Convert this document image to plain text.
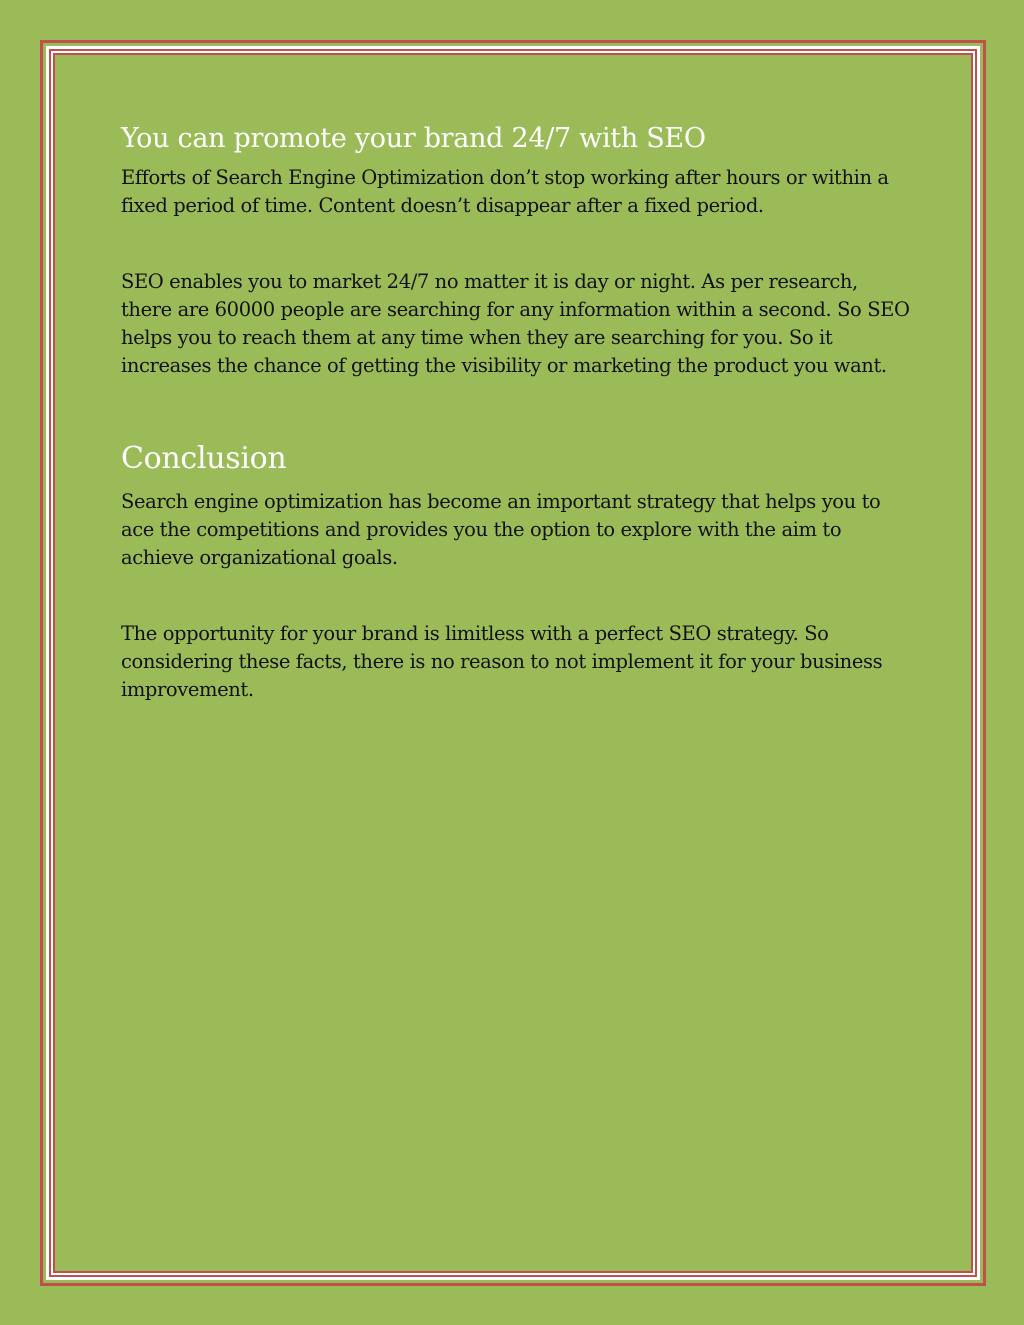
You can promote your brand 24/7 with SEO

Efforts of Search Engine Optimization don’t stop working after hours or within a fixed period of time. Content doesn’t disappear after a fixed period.

SEO enables you to market 24/7 no matter it is day or night. As per research, there are 60000 people are searching for any information within a second. So SEO helps you to reach them at any time when they are searching for you. So it increases the chance of getting the visibility or marketing the product you want.

Conclusion

Search engine optimization has become an important strategy that helps you to ace the competitions and provides you the option to explore with the aim to achieve organizational goals.

The opportunity for your brand is limitless with a perfect SEO strategy. So considering these facts, there is no reason to not implement it for your business improvement.
